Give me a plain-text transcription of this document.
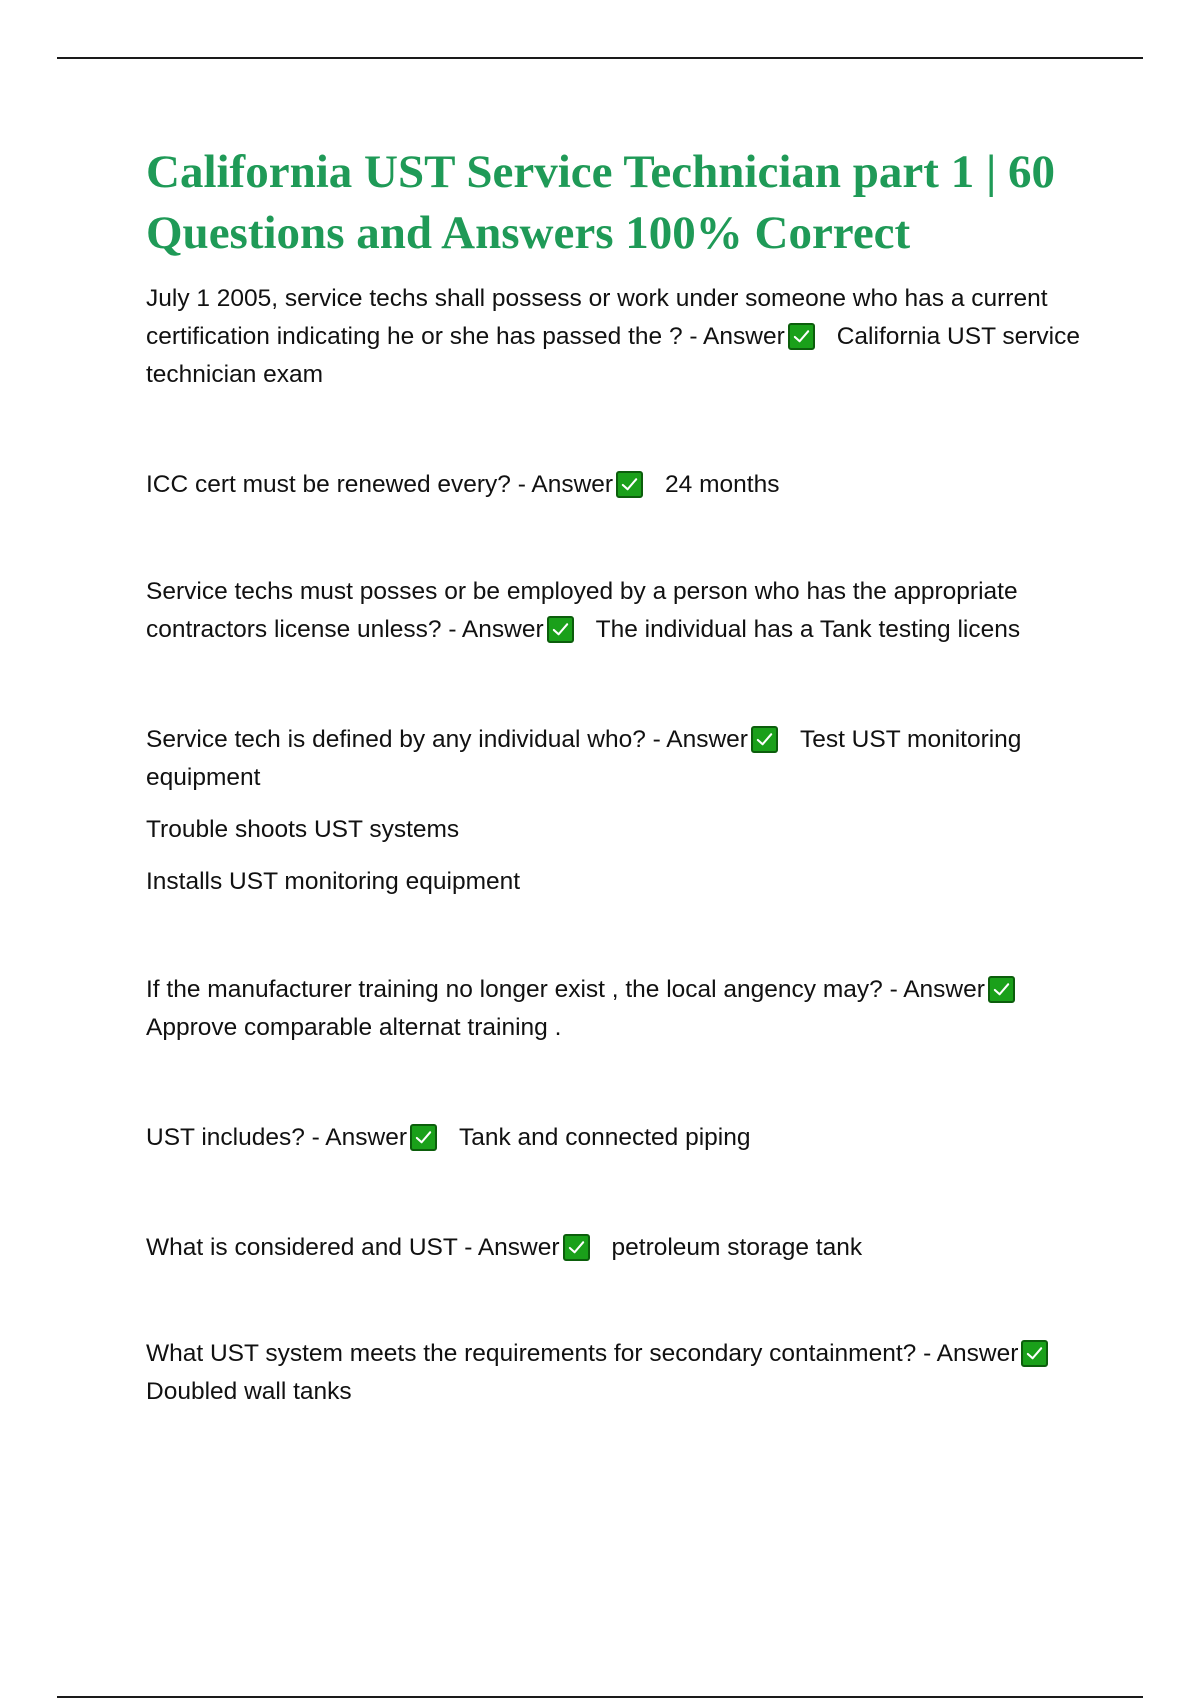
California UST Service Technician part 1 | 60 Questions and Answers 100% Correct
July 1 2005, service techs shall possess or work under someone who has a current certification indicating he or she has passed the ? - Answer California UST service technician exam
ICC cert must be renewed every? - Answer 24 months
Service techs must posses or be employed by a person who has the appropriate contractors license unless? - Answer The individual has a Tank testing licens
Service tech is defined by any individual who? - Answer Test UST monitoring equipment
Trouble shoots UST systems
Installs UST monitoring equipment
If the manufacturer training no longer exist , the local angency may? - Answer
Approve comparable alternat training .
UST includes? - Answer Tank and connected piping
What is considered and UST - Answer petroleum storage tank
What UST system meets the requirements for secondary containment? - Answer
Doubled wall tanks
